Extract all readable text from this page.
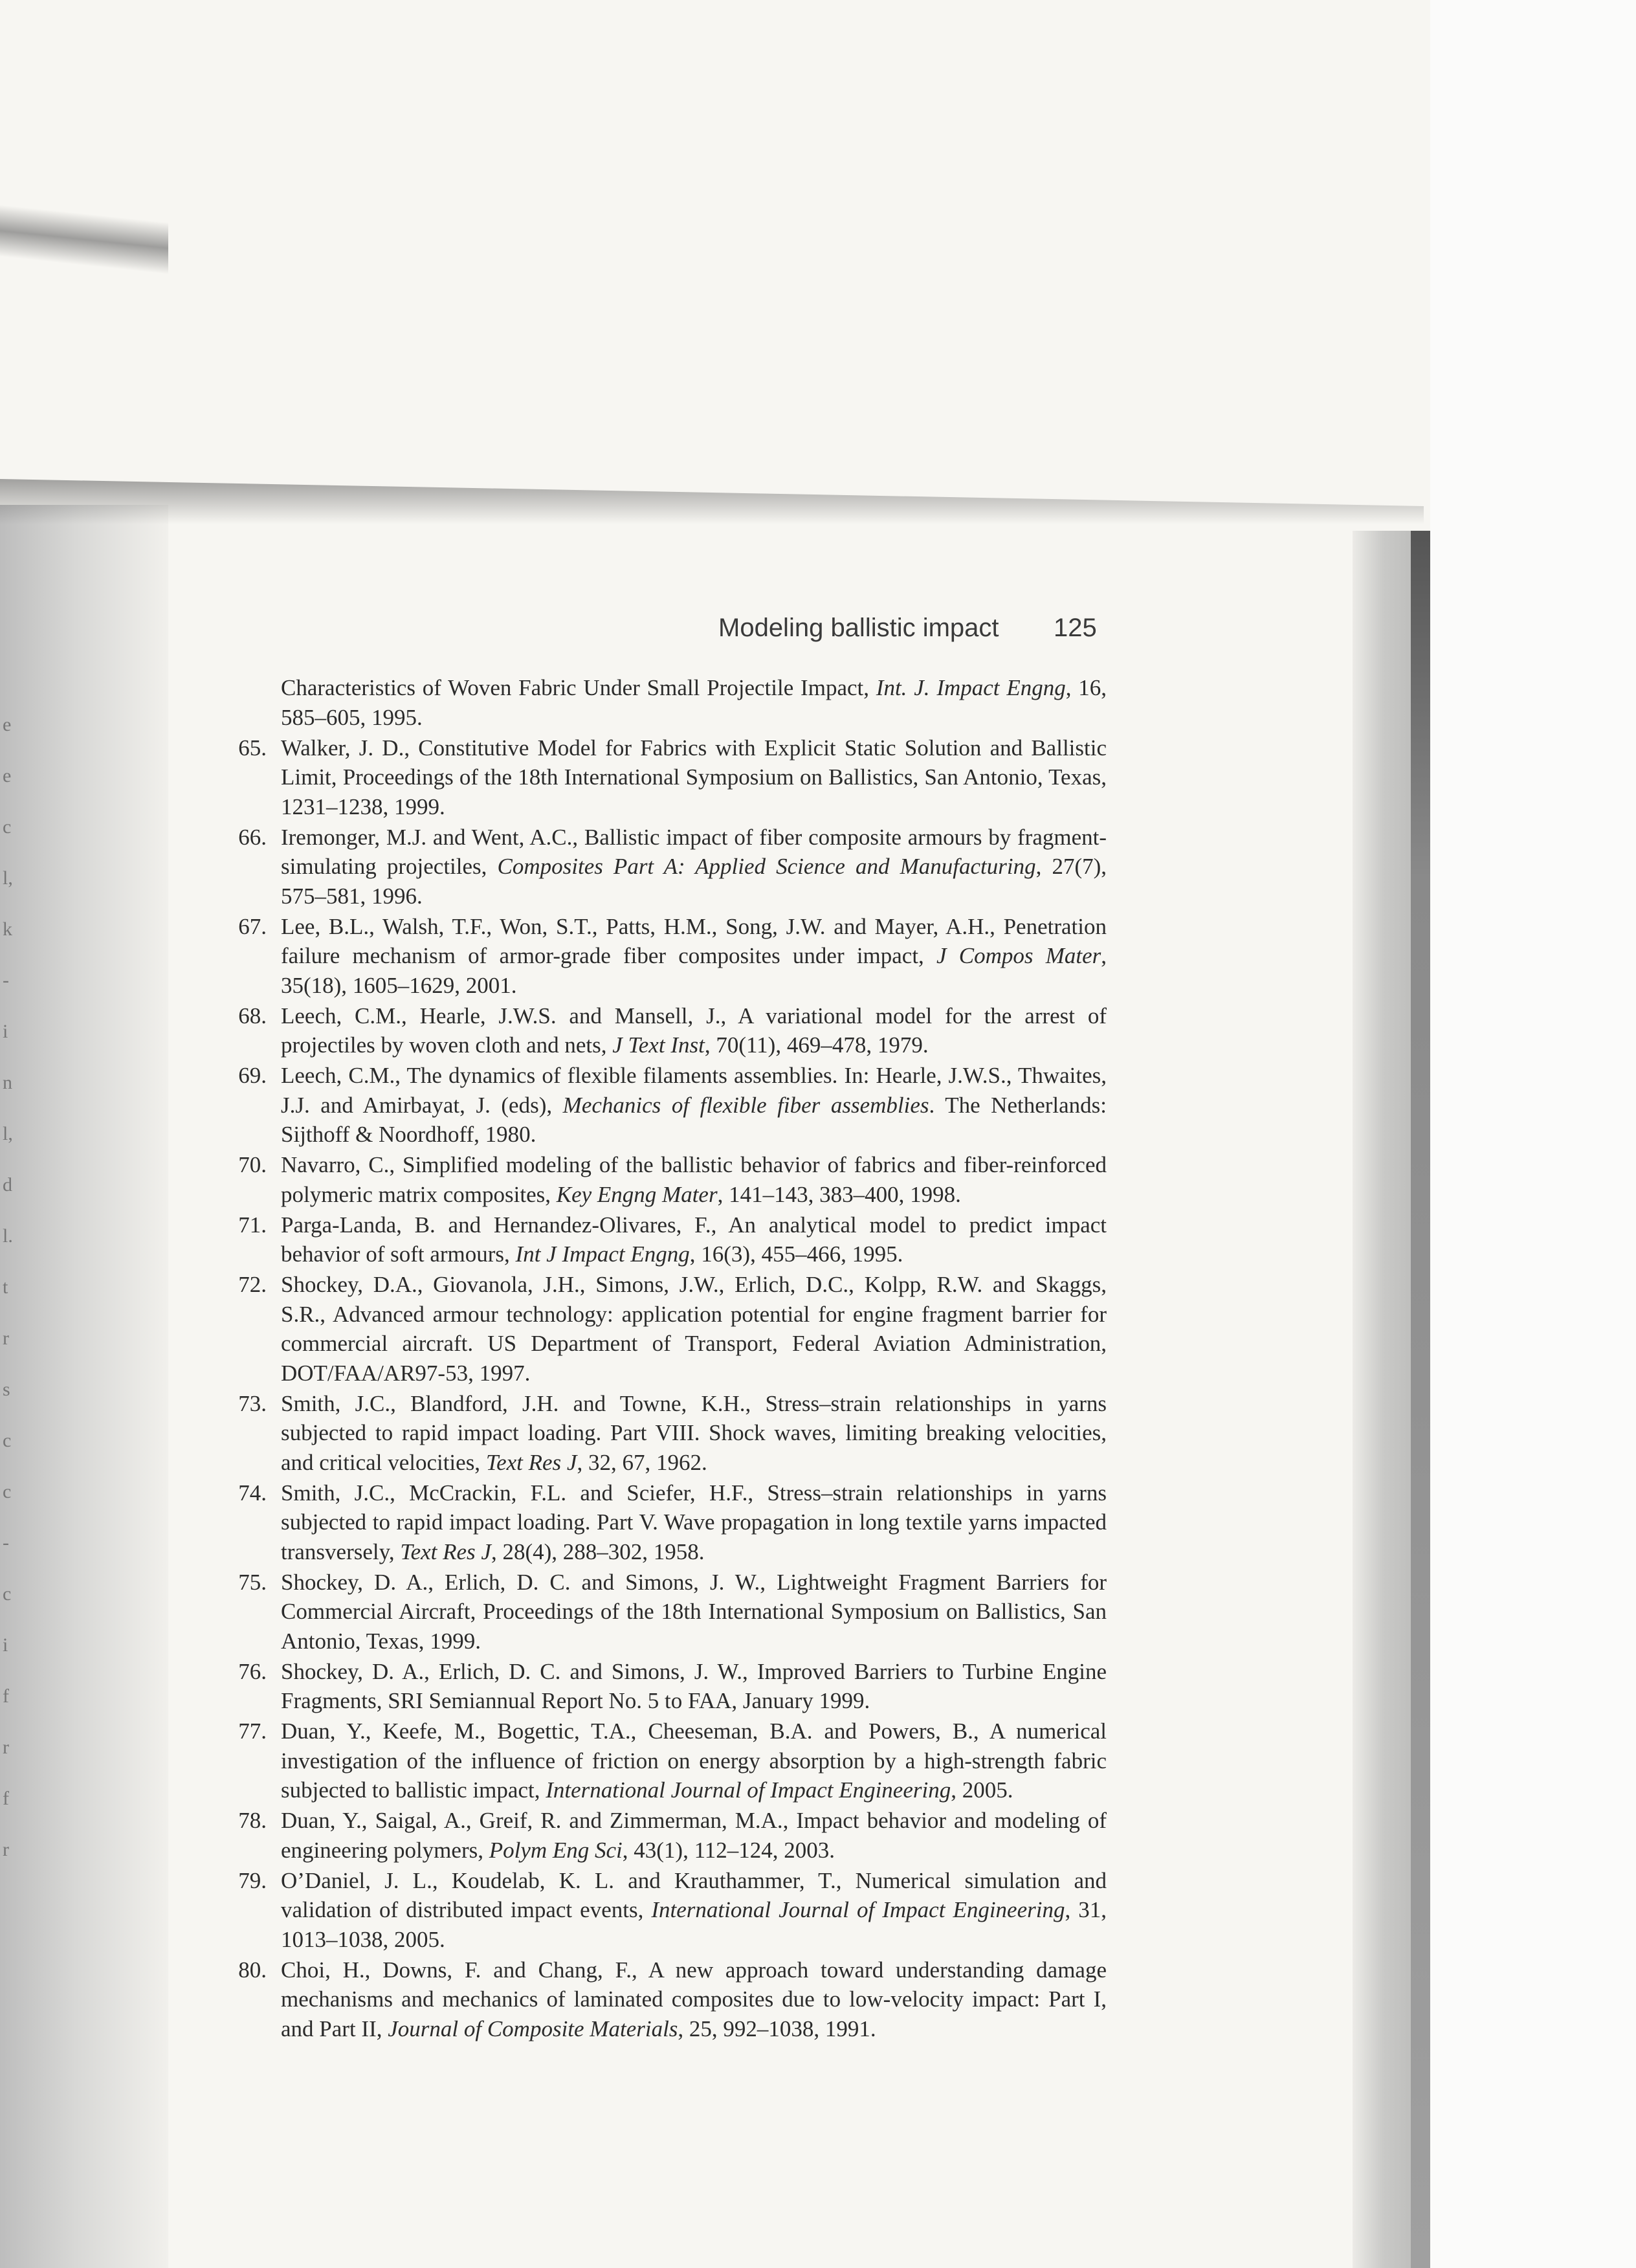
e
e
c
l,
k
-
i
n
l,
d
l.
t
r
s
c
c
-
c
i
f
r
f
r
Modeling ballistic impact 125
Characteristics of Woven Fabric Under Small Projectile Impact, Int. J. Impact Engng, 16, 585–605, 1995.
65. Walker, J. D., Constitutive Model for Fabrics with Explicit Static Solution and Ballistic Limit, Proceedings of the 18th International Symposium on Ballistics, San Antonio, Texas, 1231–1238, 1999.
66. Iremonger, M.J. and Went, A.C., Ballistic impact of fiber composite armours by fragment-simulating projectiles, Composites Part A: Applied Science and Manufacturing, 27(7), 575–581, 1996.
67. Lee, B.L., Walsh, T.F., Won, S.T., Patts, H.M., Song, J.W. and Mayer, A.H., Penetration failure mechanism of armor-grade fiber composites under impact, J Compos Mater, 35(18), 1605–1629, 2001.
68. Leech, C.M., Hearle, J.W.S. and Mansell, J., A variational model for the arrest of projectiles by woven cloth and nets, J Text Inst, 70(11), 469–478, 1979.
69. Leech, C.M., The dynamics of flexible filaments assemblies. In: Hearle, J.W.S., Thwaites, J.J. and Amirbayat, J. (eds), Mechanics of flexible fiber assemblies. The Netherlands: Sijthoff & Noordhoff, 1980.
70. Navarro, C., Simplified modeling of the ballistic behavior of fabrics and fiber-reinforced polymeric matrix composites, Key Engng Mater, 141–143, 383–400, 1998.
71. Parga-Landa, B. and Hernandez-Olivares, F., An analytical model to predict impact behavior of soft armours, Int J Impact Engng, 16(3), 455–466, 1995.
72. Shockey, D.A., Giovanola, J.H., Simons, J.W., Erlich, D.C., Kolpp, R.W. and Skaggs, S.R., Advanced armour technology: application potential for engine fragment barrier for commercial aircraft. US Department of Transport, Federal Aviation Administration, DOT/FAA/AR97-53, 1997.
73. Smith, J.C., Blandford, J.H. and Towne, K.H., Stress–strain relationships in yarns subjected to rapid impact loading. Part VIII. Shock waves, limiting breaking velocities, and critical velocities, Text Res J, 32, 67, 1962.
74. Smith, J.C., McCrackin, F.L. and Sciefer, H.F., Stress–strain relationships in yarns subjected to rapid impact loading. Part V. Wave propagation in long textile yarns impacted transversely, Text Res J, 28(4), 288–302, 1958.
75. Shockey, D. A., Erlich, D. C. and Simons, J. W., Lightweight Fragment Barriers for Commercial Aircraft, Proceedings of the 18th International Symposium on Ballistics, San Antonio, Texas, 1999.
76. Shockey, D. A., Erlich, D. C. and Simons, J. W., Improved Barriers to Turbine Engine Fragments, SRI Semiannual Report No. 5 to FAA, January 1999.
77. Duan, Y., Keefe, M., Bogettic, T.A., Cheeseman, B.A. and Powers, B., A numerical investigation of the influence of friction on energy absorption by a high-strength fabric subjected to ballistic impact, International Journal of Impact Engineering, 2005.
78. Duan, Y., Saigal, A., Greif, R. and Zimmerman, M.A., Impact behavior and modeling of engineering polymers, Polym Eng Sci, 43(1), 112–124, 2003.
79. O’Daniel, J. L., Koudelab, K. L. and Krauthammer, T., Numerical simulation and validation of distributed impact events, International Journal of Impact Engineering, 31, 1013–1038, 2005.
80. Choi, H., Downs, F. and Chang, F., A new approach toward understanding damage mechanisms and mechanics of laminated composites due to low-velocity impact: Part I, and Part II, Journal of Composite Materials, 25, 992–1038, 1991.
